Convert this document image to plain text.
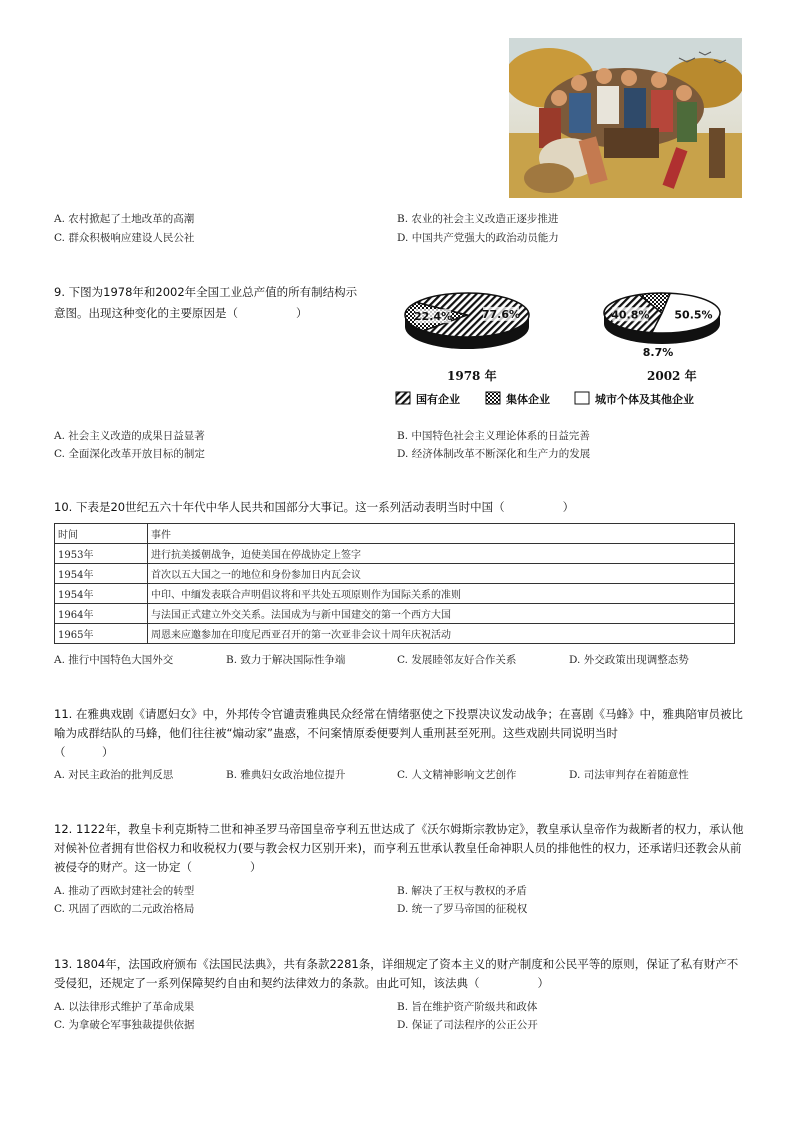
A. 农村掀起了土地改革的高潮	B. 农业的社会主义改造正逐步推进
C. 群众积极响应建设人民公社	D. 中国共产党强大的政治动员能力
9. 下图为1978年和2002年全国工业总产值的所有制结构示
意图。出现这种变化的主要原因是（	）	77.6%
22.4%	40.8%
8.7%
50.5%
1978 年	2002 年
国有企业	集体企业	城市个体及其他企业
A. 社会主义改造的成果日益显著	B. 中国特色社会主义理论体系的日益完善
C. 全面深化改革开放目标的制定	D. 经济体制改革不断深化和生产力的发展
10. 下表是20世纪五六十年代中华人民共和国部分大事记。这一系列活动表明当时中国（	）
时间	事件
1953年	进行抗美援朝战争，迫使美国在停战协定上签字
1954年	首次以五大国之一的地位和身份参加日内瓦会议
1954年	中印、中缅发表联合声明倡议将和平共处五项原则作为国际关系的准则
1964年	与法国正式建立外交关系。法国成为与新中国建交的第一个西方大国
1965年	周恩来应邀参加在印度尼西亚召开的第一次亚非会议十周年庆祝活动
A. 推行中国特色大国外交	B. 致力于解决国际性争端	C. 发展睦邻友好合作关系	D. 外交政策出现调整态势
11. 在雅典戏剧《请愿妇女》中，外邦传令官谴责雅典民众经常在情绪驱使之下投票决议发动战争；在喜剧《马蜂》中，雅典陪审员被比喻为成群结队的马蜂，他们往往被“煽动家”蛊惑，不问案情原委便要判人重刑甚至死刑。这些戏剧共同说明当时
（          ）
A. 对民主政治的批判反思	B. 雅典妇女政治地位提升	C. 人文精神影响文艺创作	D. 司法审判存在着随意性
12. 1122年，教皇卡利克斯特二世和神圣罗马帝国皇帝亨利五世达成了《沃尔姆斯宗教协定》，教皇承认皇帝作为裁断者的权力，承认他对候补位者拥有世俗权力和收税权力(要与教会权力区别开来)，而亨利五世承认教皇任命神职人员的排他性的权力，还承诺归还教会从前被侵夺的财产。这一协定（	）
A. 推动了西欧封建社会的转型	B. 解决了王权与教权的矛盾
C. 巩固了西欧的二元政治格局	D. 统一了罗马帝国的征税权
13. 1804年，法国政府颁布《法国民法典》，共有条款2281条，详细规定了资本主义的财产制度和公民平等的原则，保证了私有财产不受侵犯，还规定了一系列保障契约自由和契约法律效力的条款。由此可知，该法典（	）
A. 以法律形式维护了革命成果	B. 旨在维护资产阶级共和政体
C. 为拿破仑军事独裁提供依据	D. 保证了司法程序的公正公开
